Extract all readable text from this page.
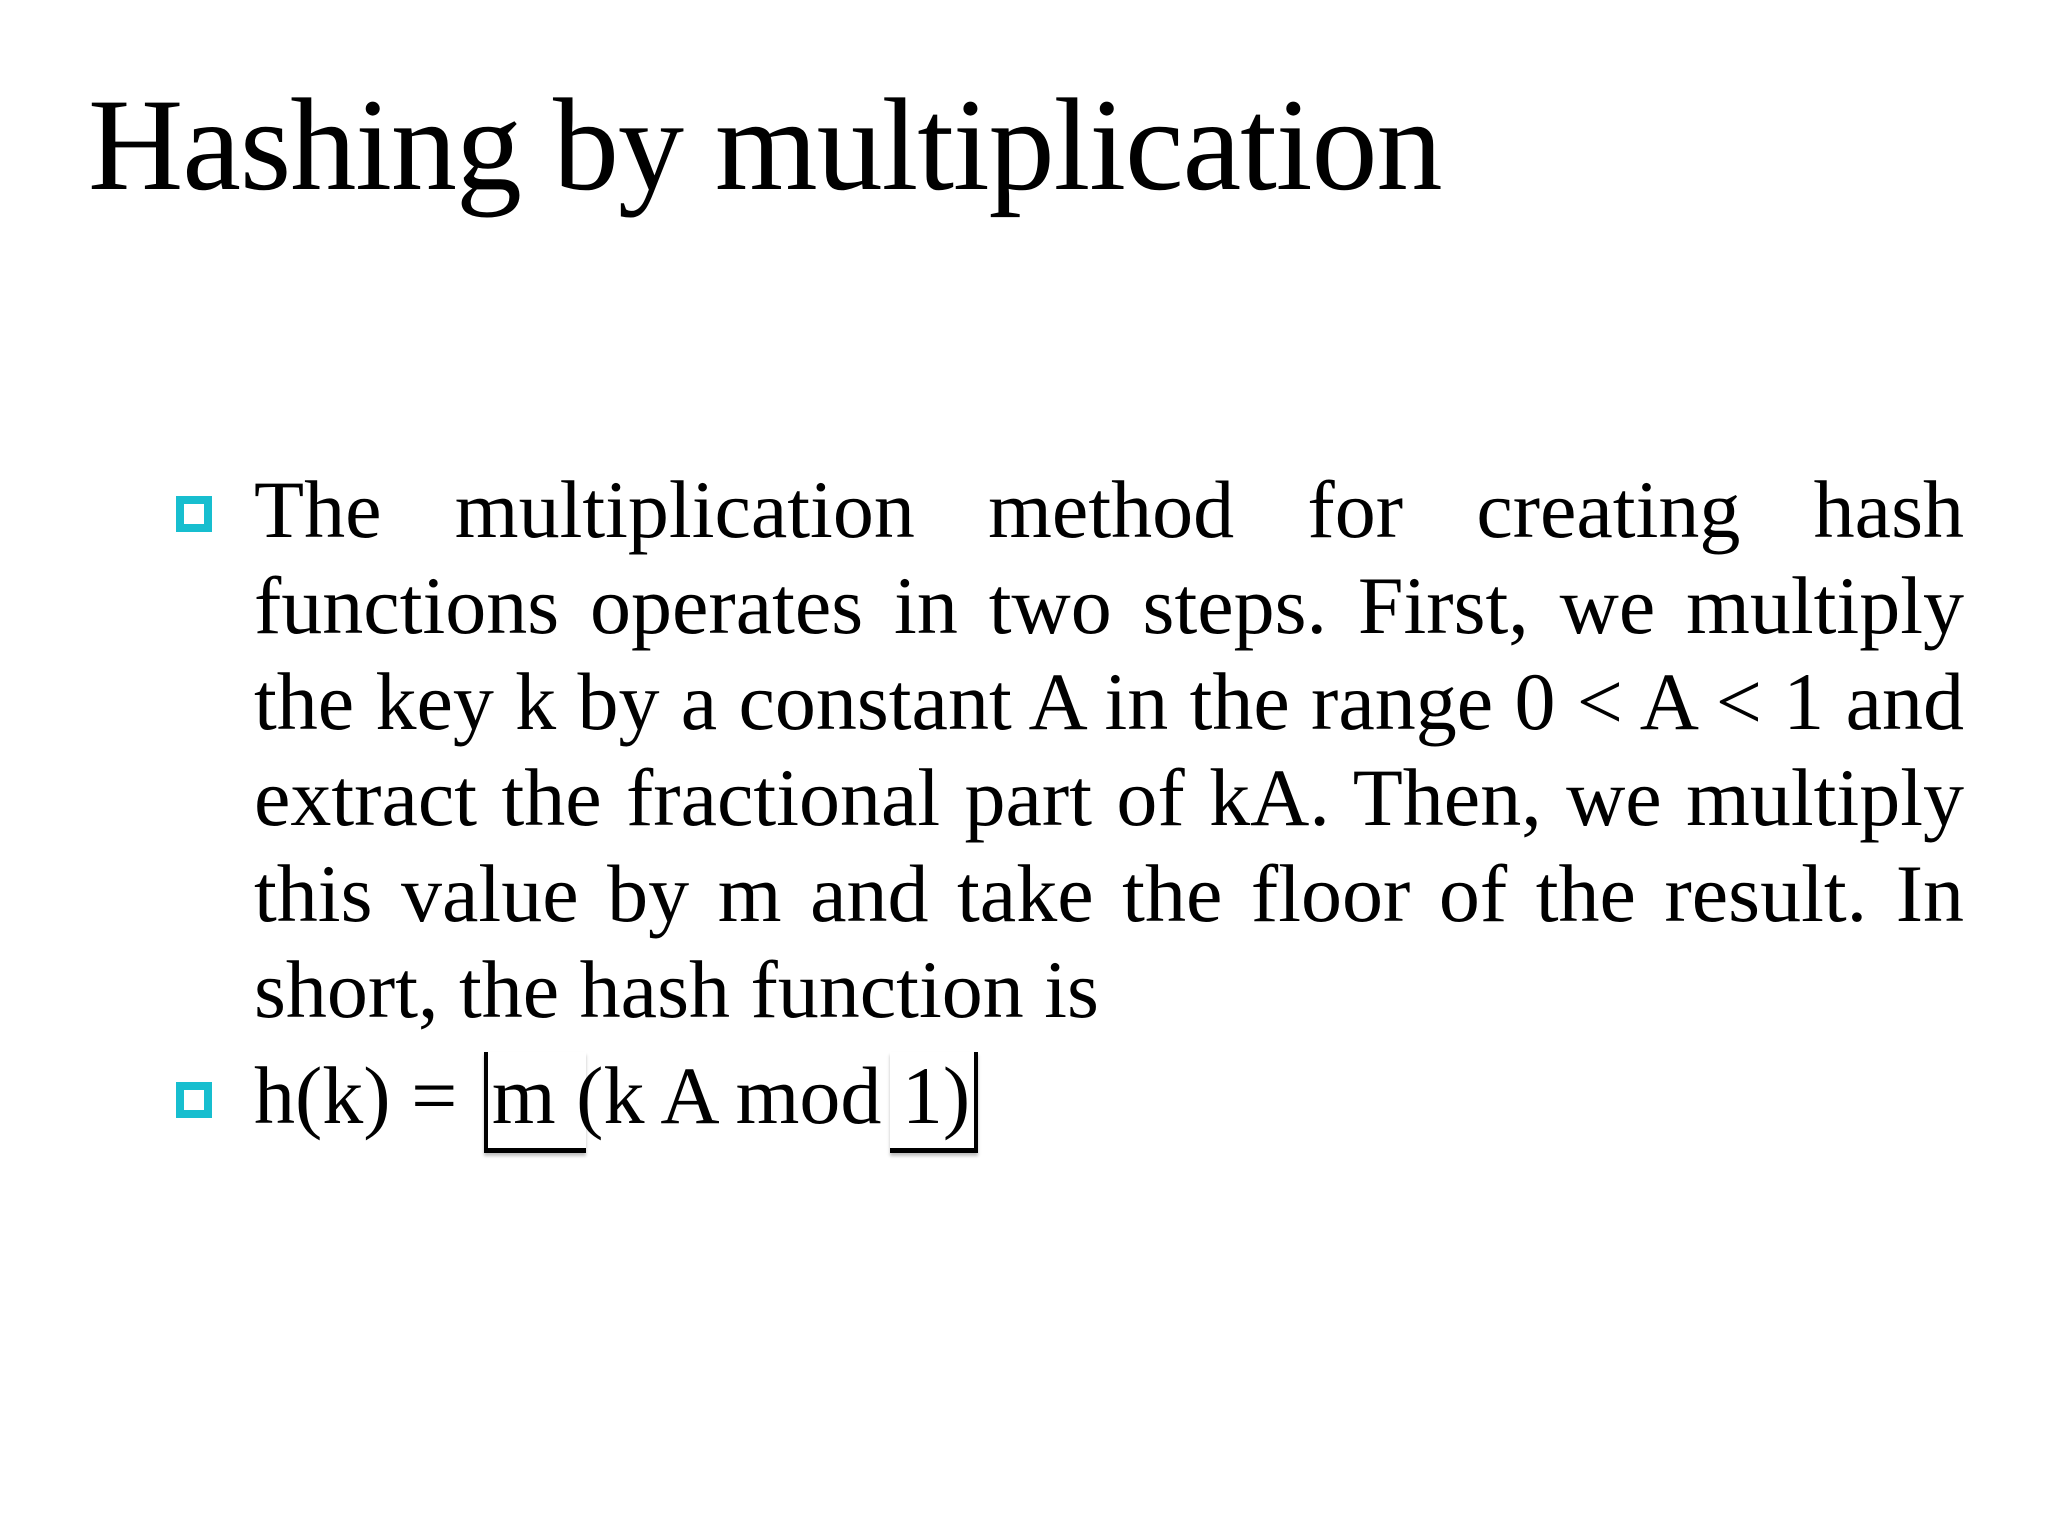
Hashing by multiplication
The multiplication method for creating hash functions operates in two steps. First, we multiply the key k by a constant A in the range 0 < A < 1 and extract the fractional part of kA. Then, we multiply this value by m and take the floor of the result. In short, the hash function is
h(k) =
m (k A mod 1)
